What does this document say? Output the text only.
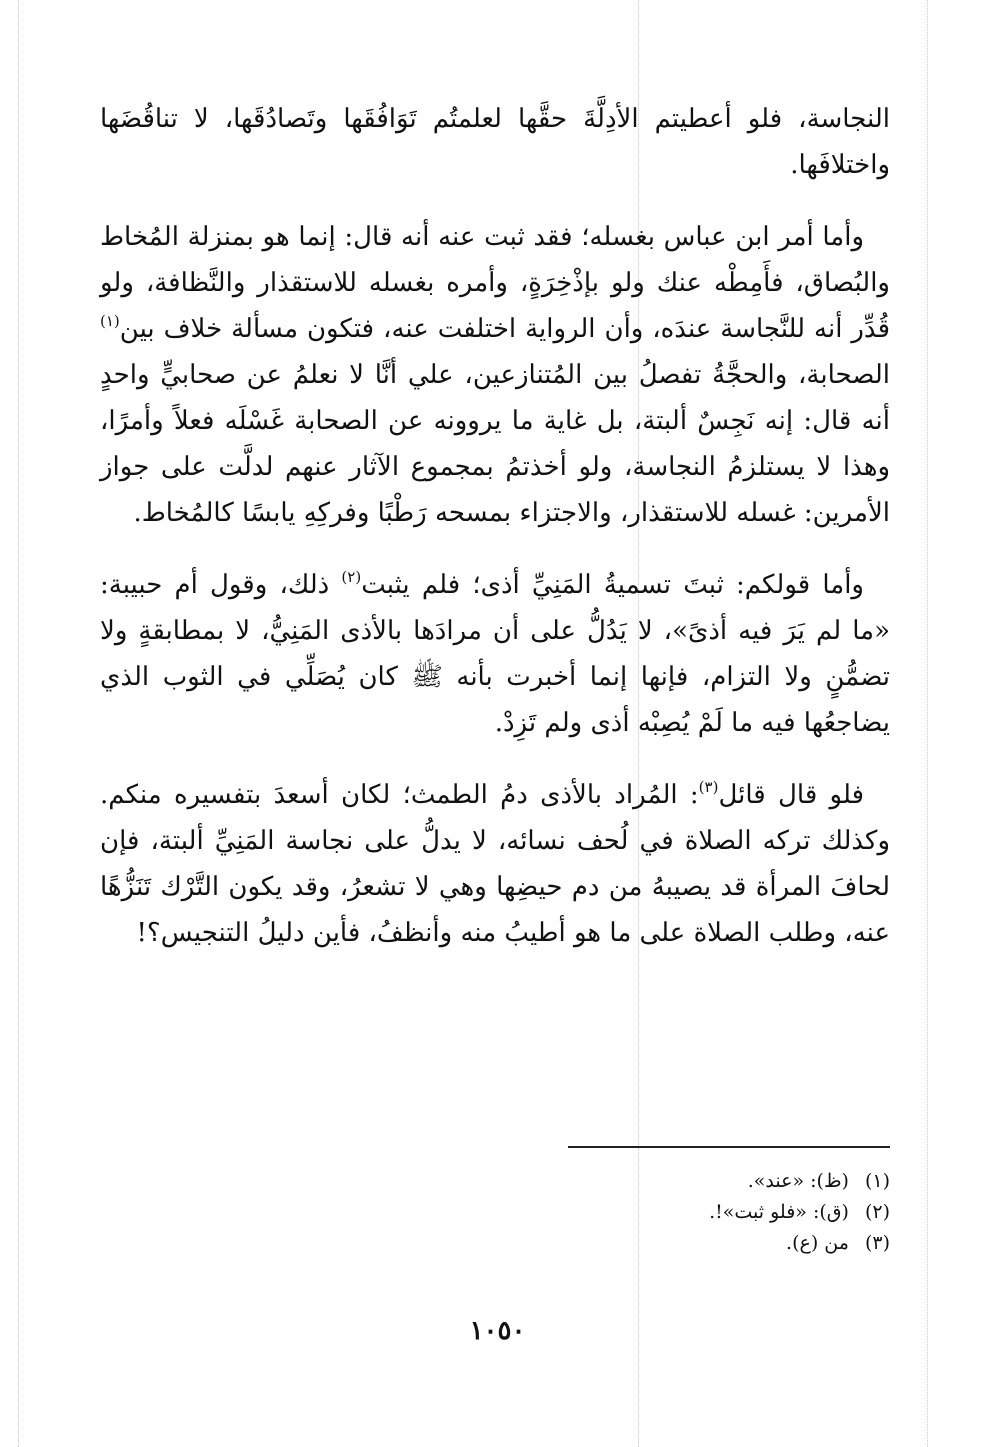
النجاسة، فلو أعطيتم الأدِلَّةَ حقَّها لعلمتُم تَوَافُقَها وتَصادُقَها، لا تناقُضَها واختلافَها.

وأما أمر ابن عباس بغسله؛ فقد ثبت عنه أنه قال: إنما هو بمنزلة المُخاط والبُصاق، فأَمِطْه عنك ولو بإذْخِرَةٍ، وأمره بغسله للاستقذار والنَّظافة، ولو قُدِّر أنه للنَّجاسة عندَه، وأن الرواية اختلفت عنه، فتكون مسألة خلاف بين$^{(١)}$ الصحابة، والحجَّةُ تفصلُ بين المُتنازعين، علي أنَّا لا نعلمُ عن صحابيٍّ واحدٍ أنه قال: إنه نَجِسٌ ألبتة، بل غاية ما يروونه عن الصحابة غَسْلَه فعلاً وأمرًا، وهذا لا يستلزمُ النجاسة، ولو أخذتمُ بمجموع الآثار عنهم لدلَّت على جواز الأمرين: غسله للاستقذار، والاجتزاء بمسحه رَطْبًا وفركِهِ يابسًا كالمُخاط.

وأما قولكم: ثبتَ تسميةُ المَنِيِّ أذى؛ فلم يثبت$^{(٢)}$ ذلك، وقول أم حبيبة: «ما لم يَرَ فيه أذىً»، لا يَدُلُّ على أن مرادَها بالأذى المَنِيُّ، لا بمطابقةٍ ولا تضمُّنٍ ولا التزام، فإنها إنما أخبرت بأنه ﷺ كان يُصَلِّي في الثوب الذي يضاجعُها فيه ما لَمْ يُصِبْه أذى ولم تَزِدْ.

فلو قال قائل$^{(٣)}$: المُراد بالأذى دمُ الطمث؛ لكان أسعدَ بتفسيره منكم. وكذلك تركه الصلاة في لُحف نسائه، لا يدلُّ على نجاسة المَنِيِّ ألبتة، فإن لحافَ المرأة قد يصيبهُ من دم حيضِها وهي لا تشعرُ، وقد يكون التَّرْك تَنَزُّهًا عنه، وطلب الصلاة على ما هو أطيبُ منه وأنظفُ، فأين دليلُ التنجيس؟!

(١)(ظ): «عند».

(٢)(ق): «فلو ثبت»!.

(٣)من (ع).

١٠٥٠
